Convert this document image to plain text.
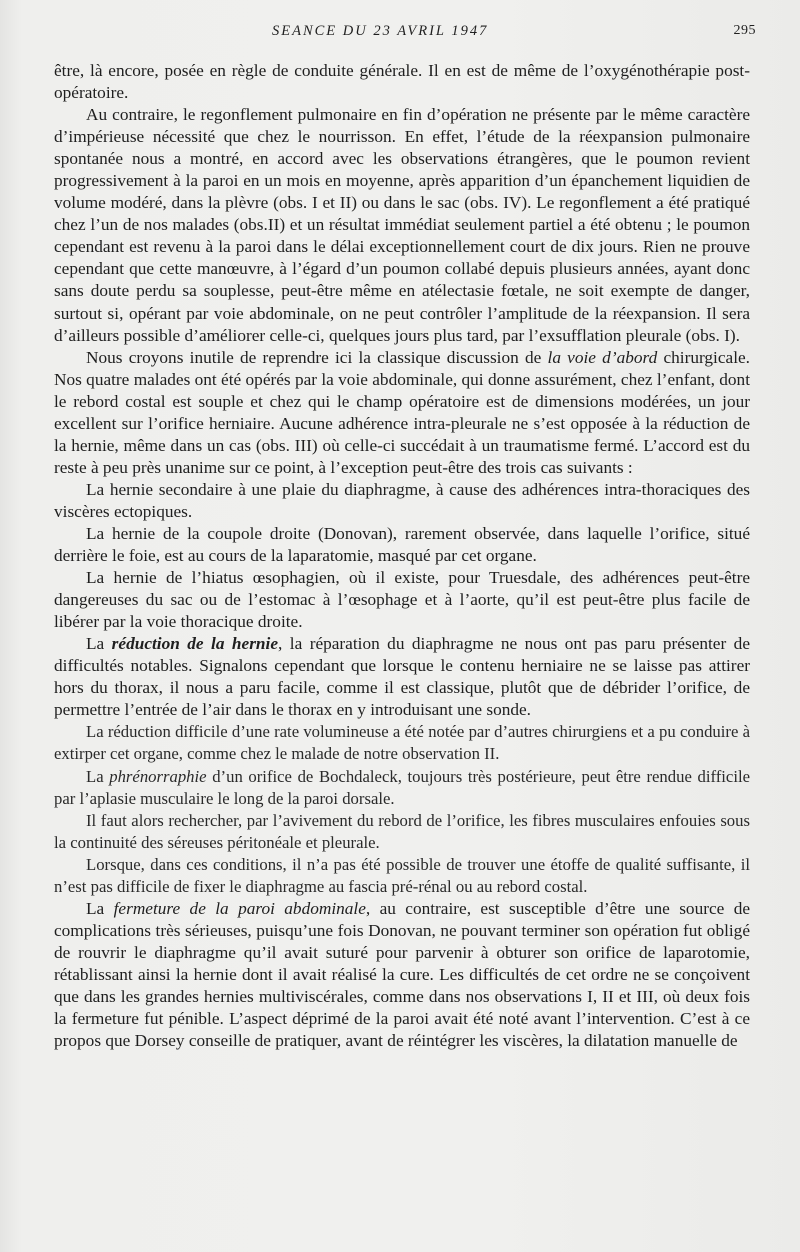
SEANCE DU 23 AVRIL 1947	295

être, là encore, posée en règle de conduite générale. Il en est de même de l’oxygénothérapie post-opératoire.

Au contraire, le regonflement pulmonaire en fin d’opération ne présente par le même caractère d’impérieuse nécessité que chez le nourrisson. En effet, l’étude de la réexpansion pulmonaire spontanée nous a montré, en accord avec les observations étrangères, que le poumon revient progressivement à la paroi en un mois en moyenne, après apparition d’un épanchement liquidien de volume modéré, dans la plèvre (obs. I et II) ou dans le sac (obs. IV). Le regonflement a été pratiqué chez l’un de nos malades (obs.II) et un résultat immédiat seulement partiel a été obtenu ; le poumon cependant est revenu à la paroi dans le délai exceptionnellement court de dix jours. Rien ne prouve cependant que cette manœuvre, à l’égard d’un poumon collabé depuis plusieurs années, ayant donc sans doute perdu sa souplesse, peut-être même en atélectasie fœtale, ne soit exempte de danger, surtout si, opérant par voie abdominale, on ne peut contrôler l’amplitude de la réexpansion. Il sera d’ailleurs possible d’améliorer celle-ci, quelques jours plus tard, par l’exsufflation pleurale (obs. I).

Nous croyons inutile de reprendre ici la classique discussion de la voie d’abord chirurgicale. Nos quatre malades ont été opérés par la voie abdominale, qui donne assurément, chez l’enfant, dont le rebord costal est souple et chez qui le champ opératoire est de dimensions modérées, un jour excellent sur l’orifice herniaire. Aucune adhérence intra-pleurale ne s’est opposée à la réduction de la hernie, même dans un cas (obs. III) où celle-ci succédait à un traumatisme fermé. L’accord est du reste à peu près unanime sur ce point, à l’exception peut-être des trois cas suivants :

La hernie secondaire à une plaie du diaphragme, à cause des adhérences intra-thoraciques des viscères ectopiques.

La hernie de la coupole droite (Donovan), rarement observée, dans laquelle l’orifice, situé derrière le foie, est au cours de la laparatomie, masqué par cet organe.

La hernie de l’hiatus œsophagien, où il existe, pour Truesdale, des adhérences peut-être dangereuses du sac ou de l’estomac à l’œsophage et à l’aorte, qu’il est peut-être plus facile de libérer par la voie thoracique droite.

La réduction de la hernie, la réparation du diaphragme ne nous ont pas paru présenter de difficultés notables. Signalons cependant que lorsque le contenu herniaire ne se laisse pas attirer hors du thorax, il nous a paru facile, comme il est classique, plutôt que de débrider l’orifice, de permettre l’entrée de l’air dans le thorax en y introduisant une sonde.

La réduction difficile d’une rate volumineuse a été notée par d’autres chirurgiens et a pu conduire à extirper cet organe, comme chez le malade de notre observation II.

La phrénorraphie d’un orifice de Bochdaleck, toujours très postérieure, peut être rendue difficile par l’aplasie musculaire le long de la paroi dorsale.

Il faut alors rechercher, par l’avivement du rebord de l’orifice, les fibres musculaires enfouies sous la continuité des séreuses péritonéale et pleurale.

Lorsque, dans ces conditions, il n’a pas été possible de trouver une étoffe de qualité suffisante, il n’est pas difficile de fixer le diaphragme au fascia pré-rénal ou au rebord costal.

La fermeture de la paroi abdominale, au contraire, est susceptible d’être une source de complications très sérieuses, puisqu’une fois Donovan, ne pouvant terminer son opération fut obligé de rouvrir le diaphragme qu’il avait suturé pour parvenir à obturer son orifice de laparotomie, rétablissant ainsi la hernie dont il avait réalisé la cure. Les difficultés de cet ordre ne se conçoivent que dans les grandes hernies multiviscérales, comme dans nos observations I, II et III, où deux fois la fermeture fut pénible. L’aspect déprimé de la paroi avait été noté avant l’intervention. C’est à ce propos que Dorsey conseille de pratiquer, avant de réintégrer les viscères, la dilatation manuelle de
